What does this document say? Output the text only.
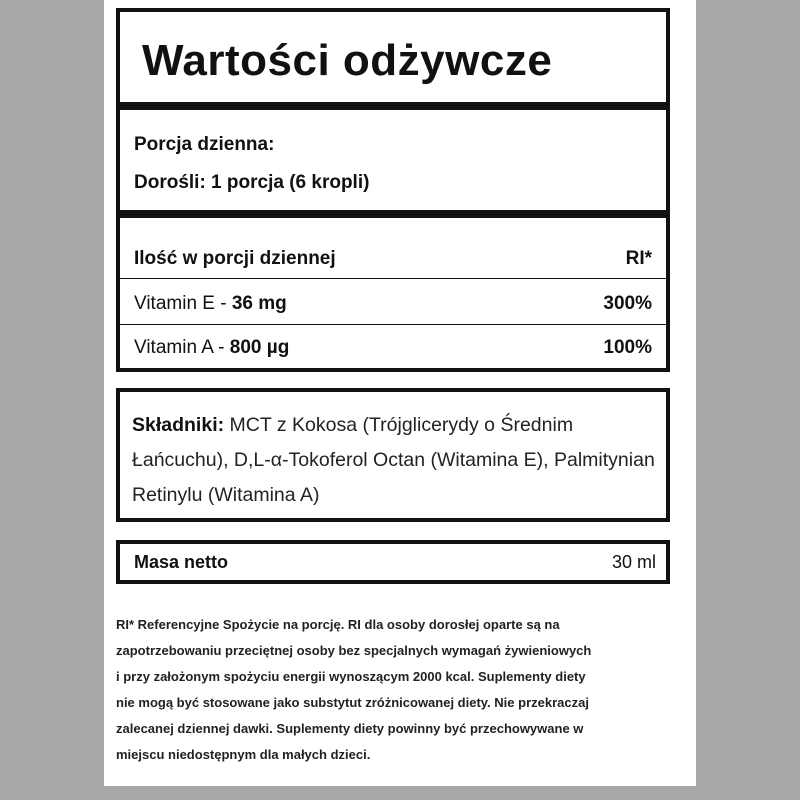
Wartości odżywcze
Porcja dzienna:
Dorośli: 1 porcja (6 kropli)
Ilość w porcji dziennej	RI*
Vitamin E - 36 mg	300%
Vitamin A - 800 µg	100%
Składniki: MCT z Kokosa (Trójglicerydy o Średnim Łańcuchu), D,L-α-Tokoferol Octan (Witamina E), Palmitynian Retinylu (Witamina A)
Masa netto	30 ml

RI* Referencyjne Spożycie na porcję. RI dla osoby dorosłej oparte są na

zapotrzebowaniu przeciętnej osoby bez specjalnych wymagań żywieniowych

i przy założonym spożyciu energii wynoszącym 2000 kcal. Suplementy diety

nie mogą być stosowane jako substytut zróżnicowanej diety. Nie przekraczaj

zalecanej dziennej dawki. Suplementy diety powinny być przechowywane w

miejscu niedostępnym dla małych dzieci.
